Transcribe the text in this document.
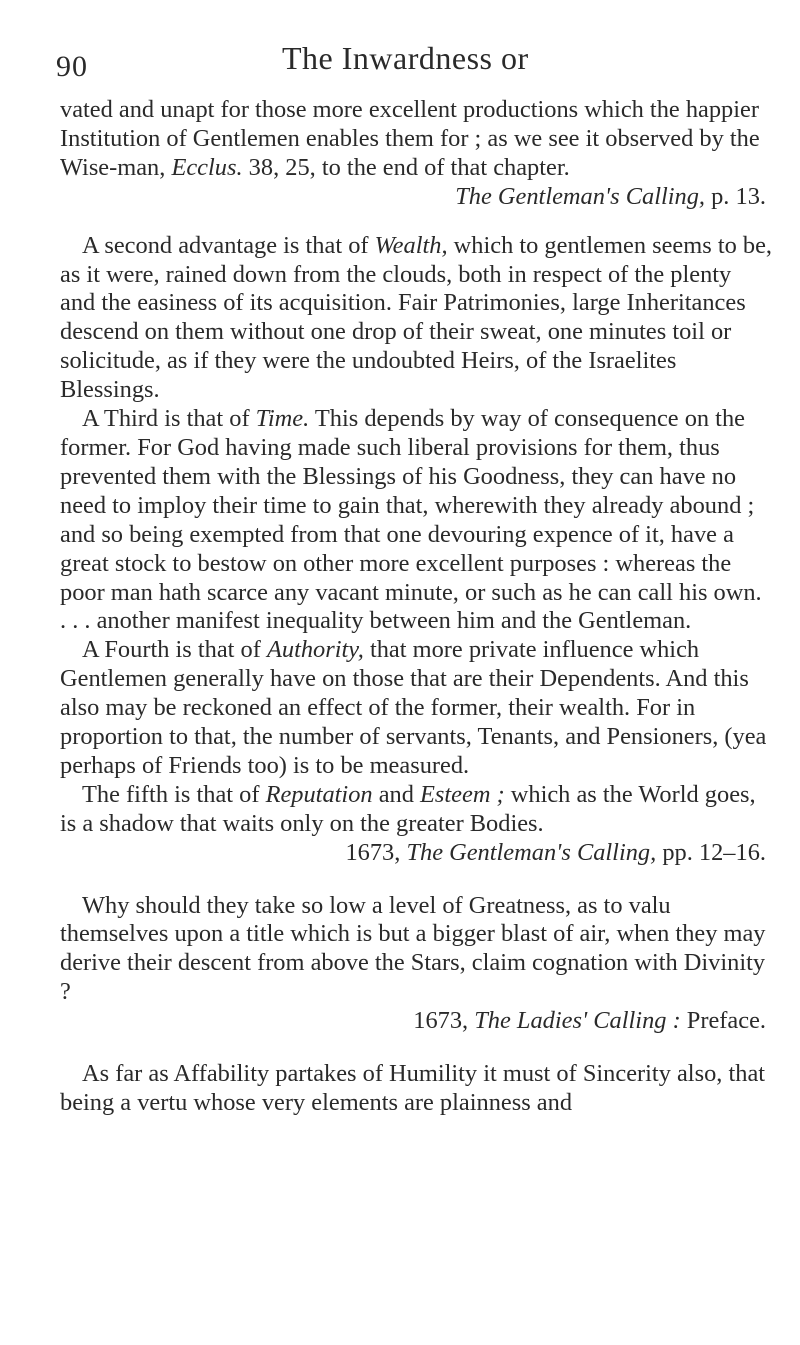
90	The Inwardness or

vated and unapt for those more excellent productions which the happier Institution of Gentlemen enables them for ; as we see it observed by the Wise-man, Ecclus. 38, 25, to the end of that chapter.

The Gentleman's Calling, p. 13.

A second advantage is that of Wealth, which to gentlemen seems to be, as it were, rained down from the clouds, both in respect of the plenty and the easiness of its acquisition. Fair Patrimonies, large Inheritances descend on them without one drop of their sweat, one minutes toil or solicitude, as if they were the undoubted Heirs, of the Israelites Blessings.

A Third is that of Time. This depends by way of consequence on the former. For God having made such liberal provisions for them, thus prevented them with the Blessings of his Goodness, they can have no need to imploy their time to gain that, wherewith they already abound ; and so being exempted from that one devouring expence of it, have a great stock to bestow on other more excellent purposes : whereas the poor man hath scarce any vacant minute, or such as he can call his own. . . . another manifest inequality between him and the Gentleman.

A Fourth is that of Authority, that more private influence which Gentlemen generally have on those that are their Dependents. And this also may be reckoned an effect of the former, their wealth. For in proportion to that, the number of servants, Tenants, and Pensioners, (yea perhaps of Friends too) is to be measured.

The fifth is that of Reputation and Esteem ; which as the World goes, is a shadow that waits only on the greater Bodies.

1673, The Gentleman's Calling, pp. 12–16.

Why should they take so low a level of Greatness, as to valu themselves upon a title which is but a bigger blast of air, when they may derive their descent from above the Stars, claim cognation with Divinity ?

1673, The Ladies' Calling : Preface.

As far as Affability partakes of Humility it must of Sincerity also, that being a vertu whose very elements are plainness and
